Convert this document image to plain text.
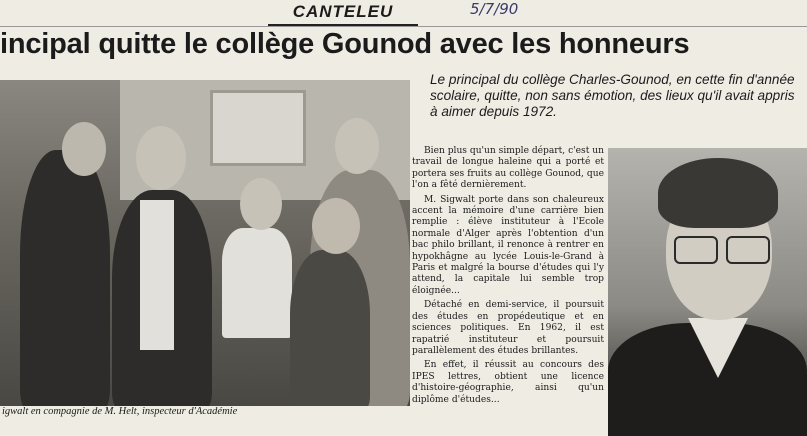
CANTELEU	5/7/90
incipal quitte le collège Gounod avec les honneurs
igwalt en compagnie de M. Helt, inspecteur d'Académie
Le principal du collège Charles-Gounod, en cette fin d'année scolaire, quitte, non sans émotion, des lieux qu'il avait appris à aimer depuis 1972.

Bien plus qu'un simple départ, c'est un travail de longue haleine qui a porté et portera ses fruits au collège Gounod, que l'on a fêté dernièrement.

M. Sigwalt porte dans son chaleureux accent la mémoire d'une carrière bien remplie : élève instituteur à l'Ecole normale d'Alger après l'obtention d'un bac philo brillant, il renonce à rentrer en hypokhâgne au lycée Louis-le-Grand à Paris et malgré la bourse d'études qui l'y attend, la capitale lui semble trop éloignée...

Détaché en demi-service, il poursuit des études en propédeutique et en sciences politiques. En 1962, il est rapatrié instituteur et poursuit parallèlement des études brillantes.

En effet, il réussit au concours des IPES lettres, obtient une licence d'histoire-géographie, ainsi qu'un diplôme d'études...
